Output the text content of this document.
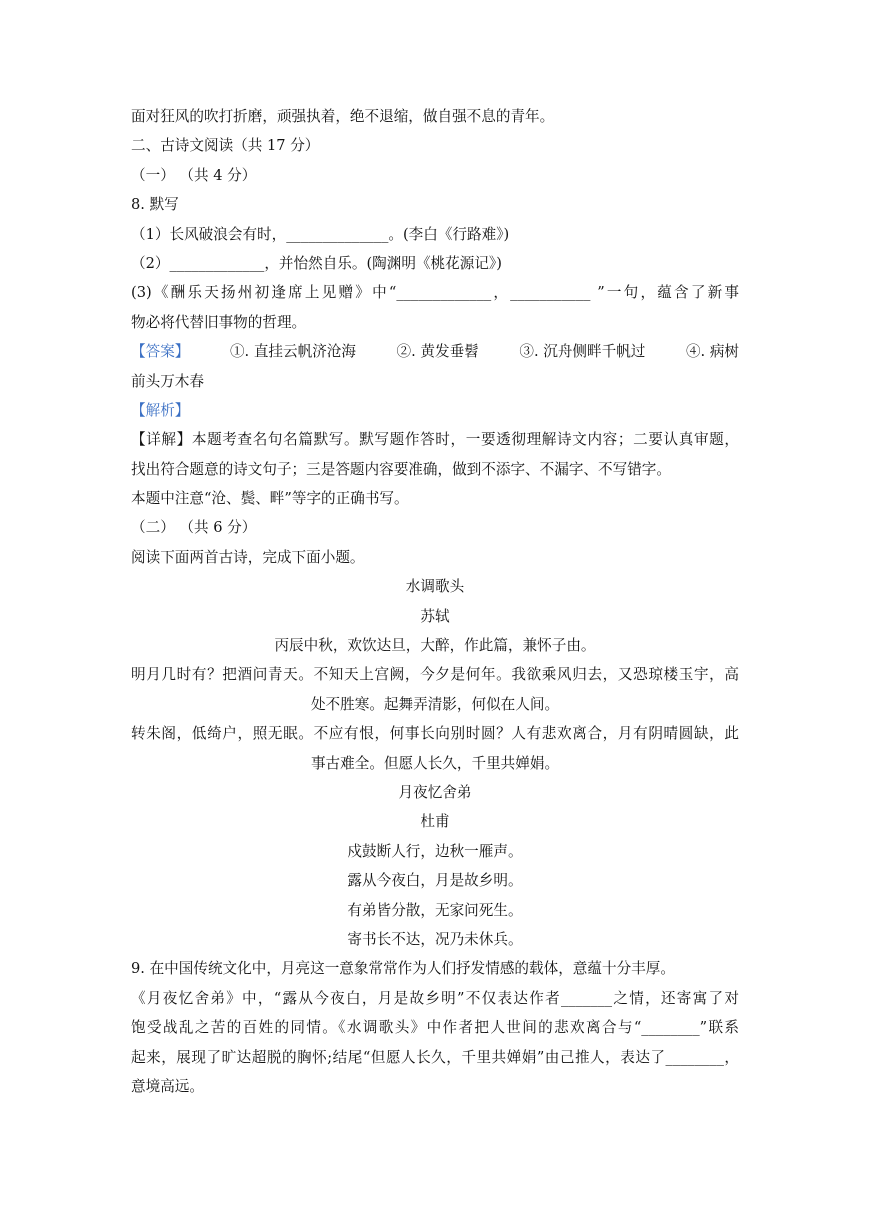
面对狂风的吹打折磨，顽强执着，绝不退缩，做自强不息的青年。
二、古诗文阅读（共 17 分）
（一） （共 4 分）
8. 默写
（1）长风破浪会有时，______________。(李白《行路难》)
（2）_____________，并怡然自乐。(陶渊明《桃花源记》)
(3)《酬乐天扬州初逢席上见赠》中“_____________，___________ ”一句，蕴含了新事
物必将代替旧事物的哲理。
【答案】	①. 直挂云帆济沧海	②. 黄发垂髫	③. 沉舟侧畔千帆过	④. 病树
前头万木春
【解析】
【详解】本题考查名句名篇默写。默写题作答时，一要透彻理解诗文内容；二要认真审题，
找出符合题意的诗文句子；三是答题内容要准确，做到不添字、不漏字、不写错字。
本题中注意“沧、鬓、畔”等字的正确书写。
（二） （共 6 分）
阅读下面两首古诗，完成下面小题。
水调歌头
苏轼
丙辰中秋，欢饮达旦，大醉，作此篇，兼怀子由。
明月几时有？把酒问青天。不知天上宫阙，今夕是何年。我欲乘风归去，又恐琼楼玉宇，高
处不胜寒。起舞弄清影，何似在人间。
转朱阁，低绮户，照无眠。不应有恨，何事长向别时圆？人有悲欢离合，月有阴晴圆缺，此
事古难全。但愿人长久，千里共婵娟。
月夜忆舍弟
杜甫
戍鼓断人行，边秋一雁声。
露从今夜白，月是故乡明。
有弟皆分散，无家问死生。
寄书长不达，况乃未休兵。
9. 在中国传统文化中，月亮这一意象常常作为人们抒发情感的载体，意蕴十分丰厚。
《月夜忆舍弟》中，“露从今夜白，月是故乡明”不仅表达作者_______之情，还寄寓了对
饱受战乱之苦的百姓的同情。《水调歌头》中作者把人世间的悲欢离合与“________”联系
起来，展现了旷达超脱的胸怀;结尾“但愿人长久，千里共婵娟”由己推人，表达了________，
意境高远。
